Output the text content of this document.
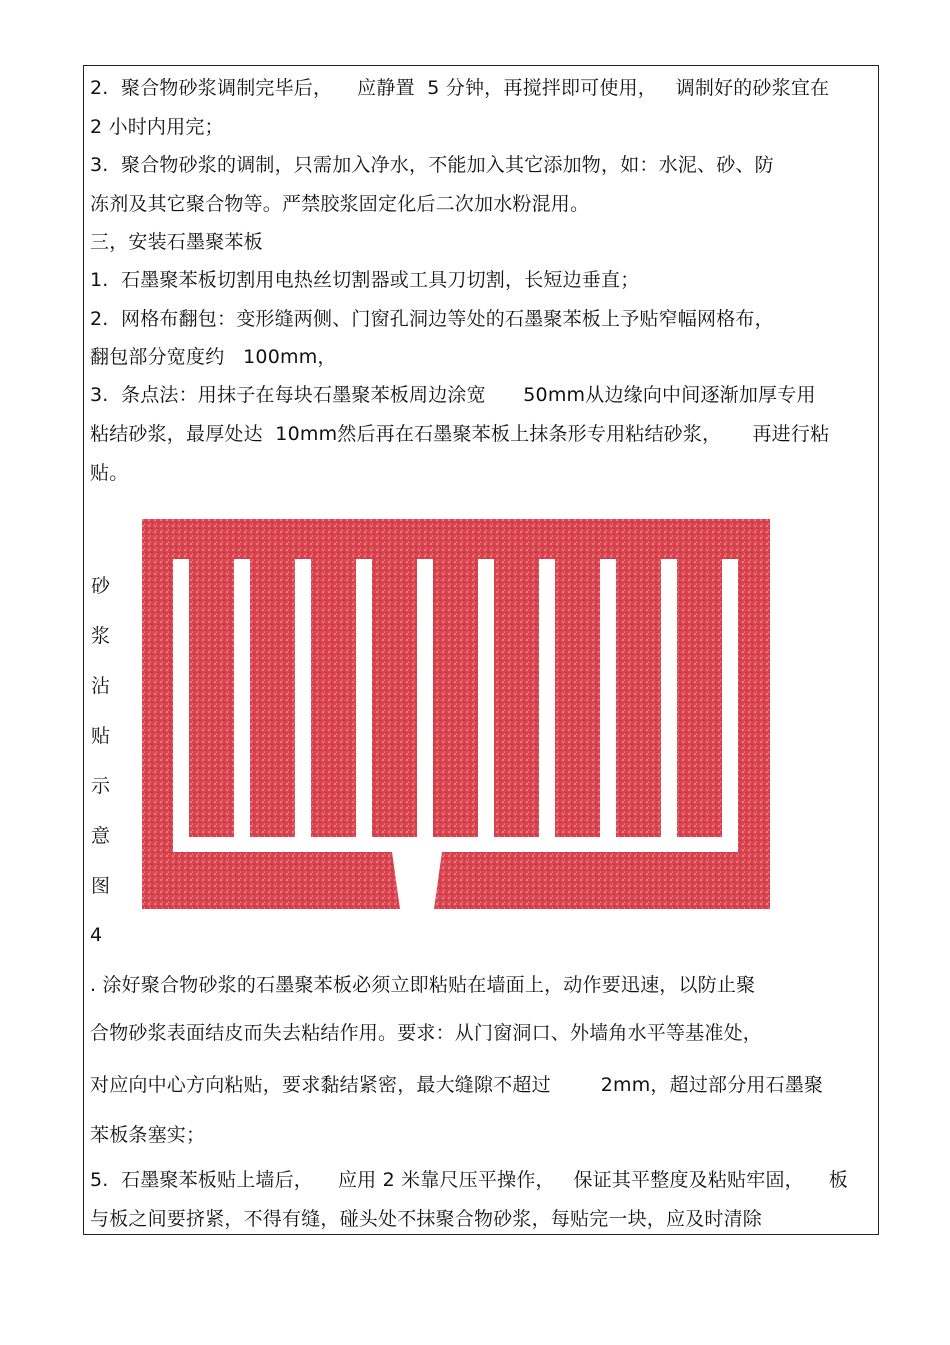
2.  聚合物砂浆调制完毕后，    应静置  5 分钟，再搅拌即可使用，   调制好的砂浆宜在
2 小时内用完；
3.  聚合物砂浆的调制，只需加入净水，不能加入其它添加物，如：水泥、砂、防
冻剂及其它聚合物等。严禁胶浆固定化后二次加水粉混用。
三，安装石墨聚苯板
1.  石墨聚苯板切割用电热丝切割器或工具刀切割，长短边垂直；
2.  网格布翻包：变形缝两侧、门窗孔洞边等处的石墨聚苯板上予贴窄幅网格布，
翻包部分宽度约   100mm，
3.  条点法：用抹子在每块石墨聚苯板周边涂宽      50mm从边缘向中间逐渐加厚专用
粘结砂浆，最厚处达  10mm然后再在石墨聚苯板上抹条形专用粘结砂浆，     再进行粘
贴。
砂
浆
沾
贴
示
意
图
4
. 涂好聚合物砂浆的石墨聚苯板必须立即粘贴在墙面上，动作要迅速，以防止聚
合物砂浆表面结皮而失去粘结作用。要求：从门窗洞口、外墙角水平等基准处，
对应向中心方向粘贴，要求黏结紧密，最大缝隙不超过        2mm，超过部分用石墨聚
苯板条塞实；
5.  石墨聚苯板贴上墙后，    应用 2 米靠尺压平操作，   保证其平整度及粘贴牢固，    板
与板之间要挤紧，不得有缝，碰头处不抹聚合物砂浆，每贴完一块，应及时清除
